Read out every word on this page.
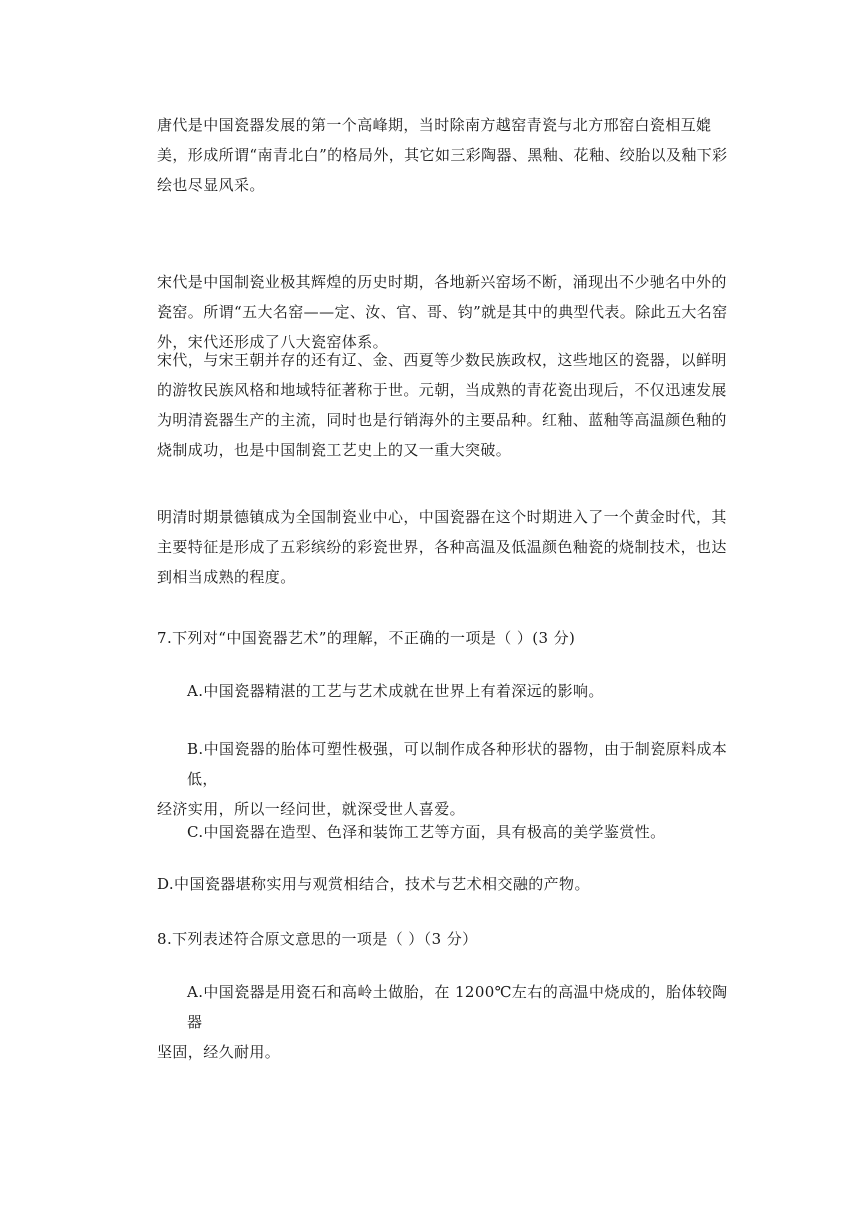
唐代是中国瓷器发展的第一个高峰期，当时除南方越窑青瓷与北方邢窑白瓷相互媲美，形成所谓“南青北白”的格局外，其它如三彩陶器、黑釉、花釉、绞胎以及釉下彩绘也尽显风采。

宋代是中国制瓷业极其辉煌的历史时期，各地新兴窑场不断，涌现出不少驰名中外的瓷窑。所谓“五大名窑——定、汝、官、哥、钧”就是其中的典型代表。除此五大名窑外，宋代还形成了八大瓷窑体系。

宋代，与宋王朝并存的还有辽、金、西夏等少数民族政权，这些地区的瓷器，以鲜明的游牧民族风格和地域特征著称于世。元朝，当成熟的青花瓷出现后，不仅迅速发展为明清瓷器生产的主流，同时也是行销海外的主要品种。红釉、蓝釉等高温颜色釉的烧制成功，也是中国制瓷工艺史上的又一重大突破。

明清时期景德镇成为全国制瓷业中心，中国瓷器在这个时期进入了一个黄金时代，其主要特征是形成了五彩缤纷的彩瓷世界，各种高温及低温颜色釉瓷的烧制技术，也达到相当成熟的程度。

7.下列对“中国瓷器艺术”的理解，不正确的一项是（ ）(3 分)

A.中国瓷器精湛的工艺与艺术成就在世界上有着深远的影响。

B.中国瓷器的胎体可塑性极强，可以制作成各种形状的器物，由于制瓷原料成本低，
经济实用，所以一经问世，就深受世人喜爱。

C.中国瓷器在造型、色泽和装饰工艺等方面，具有极高的美学鉴赏性。

D.中国瓷器堪称实用与观赏相结合，技术与艺术相交融的产物。

8.下列表述符合原文意思的一项是（ ）（3 分）

A.中国瓷器是用瓷石和高岭土做胎，在 1200℃左右的高温中烧成的，胎体较陶器
坚固，经久耐用。
